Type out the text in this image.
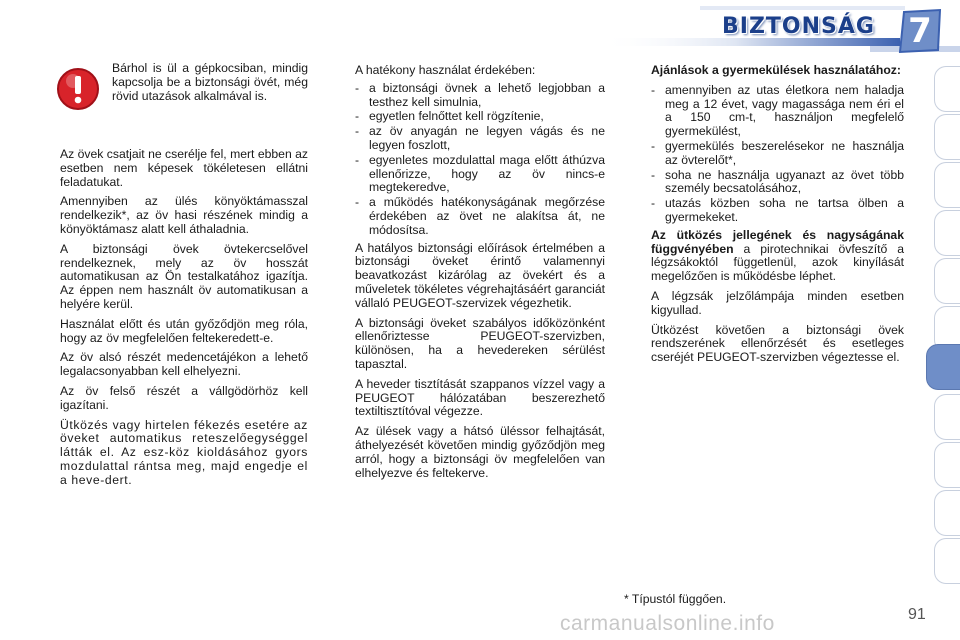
BIZTONSÁG 7
Bárhol is ül a gépkocsiban, mindig kapcsolja be a biztonsági övét, még rövid utazások alkalmával is.

Az övek csatjait ne cserélje fel, mert ebben az esetben nem képesek tökéletesen ellátni feladatukat.

Amennyiben az ülés könyöktámasszal rendelkezik*, az öv hasi részének mindig a könyöktámasz alatt kell áthaladnia.

A biztonsági övek övtekercselővel rendelkeznek, mely az öv hosszát automatikusan az Ön testalkatához igazítja. Az éppen nem használt öv automatikusan a helyére kerül.

Használat előtt és után győződjön meg róla, hogy az öv megfelelően feltekeredett-e.

Az öv alsó részét medencetájékon a lehető legalacsonyabban kell elhelyezni.

Az öv felső részét a vállgödörhöz kell igazítani.

Ütközés vagy hirtelen fékezés esetére az öveket automatikus reteszelőegységgel látták el. Az esz-köz kioldásához gyors mozdulattal rántsa meg, majd engedje el a heve-dert.

A hatékony használat érdekében:

- a biztonsági övnek a lehető legjobban a testhez kell simulnia,
- egyetlen felnőttet kell rögzítenie,
- az öv anyagán ne legyen vágás és ne legyen foszlott,
- egyenletes mozdulattal maga előtt áthúzva ellenőrizze, hogy az öv nincs-e megtekeredve,
- a működés hatékonyságának megőrzése érdekében az övet ne alakítsa át, ne módosítsa.

A hatályos biztonsági előírások értelmében a biztonsági öveket érintő valamennyi beavatkozást kizárólag az övekért és a műveletek tökéletes végrehajtásáért garanciát vállaló PEUGEOT-szervizek végezhetik.

A biztonsági öveket szabályos időközönként ellenőriztesse PEUGEOT-szervizben, különösen, ha a hevedereken sérülést tapasztal.

A heveder tisztítását szappanos vízzel vagy a PEUGEOT hálózatában beszerezhető textiltisztítóval végezze.

Az ülések vagy a hátsó üléssor felhajtását, áthelyezését követően mindig győződjön meg arról, hogy a biztonsági öv megfelelően van elhelyezve és feltekerve.

Ajánlások a gyermekülések használatához:

- amennyiben az utas életkora nem haladja meg a 12 évet, vagy magassága nem éri el a 150 cm-t, használjon megfelelő gyermekülést,
- gyermekülés beszerelésekor ne használja az övterelőt*,
- soha ne használja ugyanazt az övet több személy becsatolásához,
- utazás közben soha ne tartsa ölben a gyermekeket.

Az ütközés jellegének és nagyságának függvényében a pirotechnikai övfeszítő a légzsákoktól függetlenül, azok kinyílását megelőzően is működésbe léphet.

A légzsák jelzőlámpája minden esetben kigyullad.

Ütközést követően a biztonsági övek rendszerének ellenőrzését és esetleges cseréjét PEUGEOT-szervizben végeztesse el.

* Típustól függően.
carmanualsonline.info	91
